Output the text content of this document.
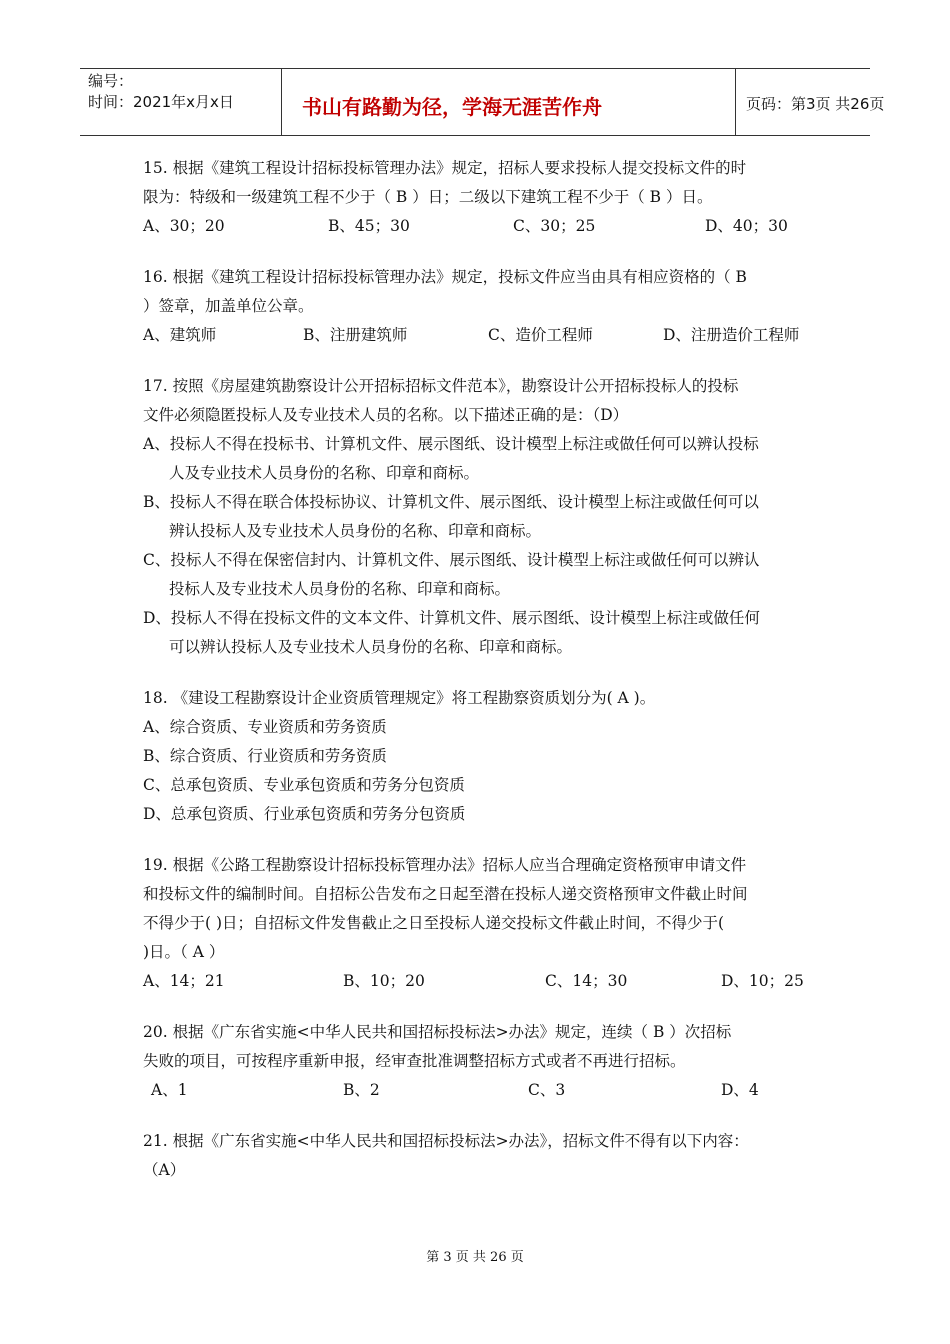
编号：
时间：2021年x月x日	书山有路勤为径，学海无涯苦作舟	页码：第3页 共26页
15. 根据《建筑工程设计招标投标管理办法》规定，招标人要求投标人提交投标文件的时
限为：特级和一级建筑工程不少于（ B ）日；二级以下建筑工程不少于（ B ）日。
A、30；20	B、45；30	C、30；25	D、40；30
16. 根据《建筑工程设计招标投标管理办法》规定，投标文件应当由具有相应资格的（ B
）签章，加盖单位公章。
A、建筑师	B、注册建筑师	C、造价工程师	D、注册造价工程师
17. 按照《房屋建筑勘察设计公开招标招标文件范本》，勘察设计公开招标投标人的投标
文件必须隐匿投标人及专业技术人员的名称。以下描述正确的是：（D）
A、投标人不得在投标书、计算机文件、展示图纸、设计模型上标注或做任何可以辨认投标
人及专业技术人员身份的名称、印章和商标。
B、投标人不得在联合体投标协议、计算机文件、展示图纸、设计模型上标注或做任何可以
辨认投标人及专业技术人员身份的名称、印章和商标。
C、投标人不得在保密信封内、计算机文件、展示图纸、设计模型上标注或做任何可以辨认
投标人及专业技术人员身份的名称、印章和商标。
D、投标人不得在投标文件的文本文件、计算机文件、展示图纸、设计模型上标注或做任何
可以辨认投标人及专业技术人员身份的名称、印章和商标。
18. 《建设工程勘察设计企业资质管理规定》将工程勘察资质划分为( A )。
A、综合资质、专业资质和劳务资质
B、综合资质、行业资质和劳务资质
C、总承包资质、专业承包资质和劳务分包资质
D、总承包资质、行业承包资质和劳务分包资质
19. 根据《公路工程勘察设计招标投标管理办法》招标人应当合理确定资格预审申请文件
和投标文件的编制时间。自招标公告发布之日起至潜在投标人递交资格预审文件截止时间
不得少于( )日；自招标文件发售截止之日至投标人递交投标文件截止时间，不得少于(
)日。（ A ）
A、14；21	B、10；20	C、14；30	D、10；25
20. 根据《广东省实施<中华人民共和国招标投标法>办法》规定，连续（ B ）次招标
失败的项目，可按程序重新申报，经审查批准调整招标方式或者不再进行招标。
A、1	B、2	C、3	D、4
21. 根据《广东省实施<中华人民共和国招标投标法>办法》，招标文件不得有以下内容：
（A）
第 3 页 共 26 页
